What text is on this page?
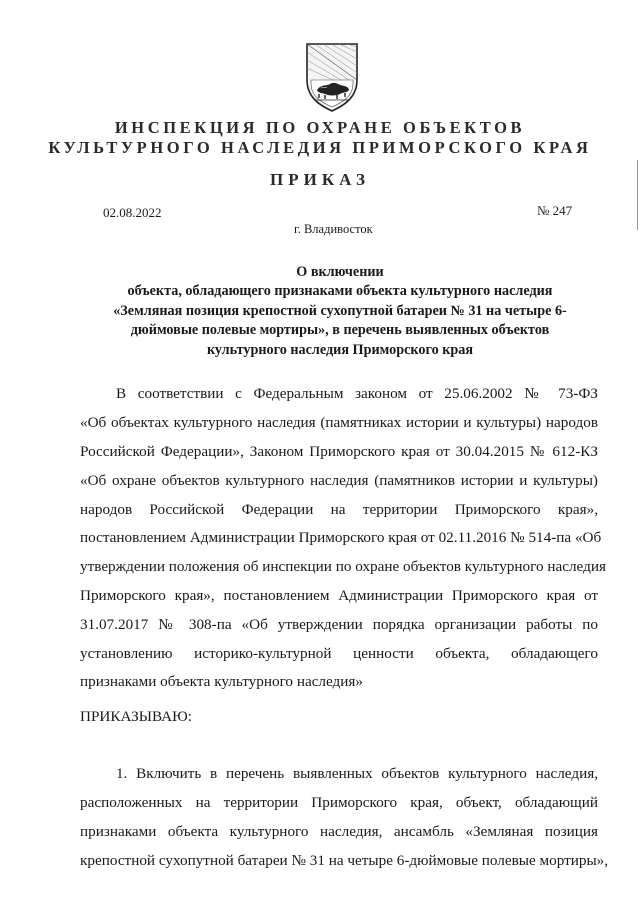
ИНСПЕКЦИЯ ПО ОХРАНЕ ОБЪЕКТОВ
КУЛЬТУРНОГО НАСЛЕДИЯ ПРИМОРСКОГО КРАЯ
ПРИКАЗ
02.08.2022	№ 247
г. Владивосток
О включении
объекта, обладающего признаками объекта культурного наследия
«Земляная позиция крепостной сухопутной батареи № 31 на четыре 6-
дюймовые полевые мортиры», в перечень выявленных объектов
культурного наследия Приморского края
В соответствии с Федеральным законом от 25.06.2002 № 73-ФЗ
«Об объектах культурного наследия (памятниках истории и культуры) народов
Российской Федерации», Законом Приморского края от 30.04.2015 № 612-КЗ
«Об охране объектов культурного наследия (памятников истории и культуры)
народов Российской Федерации на территории Приморского края»,
постановлением Администрации Приморского края от 02.11.2016 № 514-па «Об
утверждении положения об инспекции по охране объектов культурного наследия
Приморского края», постановлением Администрации Приморского края от
31.07.2017 № 308-па «Об утверждении порядка организации работы по
установлению историко-культурной ценности объекта, обладающего
признаками объекта культурного наследия»
ПРИКАЗЫВАЮ:
1. Включить в перечень выявленных объектов культурного наследия,
расположенных на территории Приморского края, объект, обладающий
признаками объекта культурного наследия, ансамбль «Земляная позиция
крепостной сухопутной батареи № 31 на четыре 6-дюймовые полевые мортиры»,
